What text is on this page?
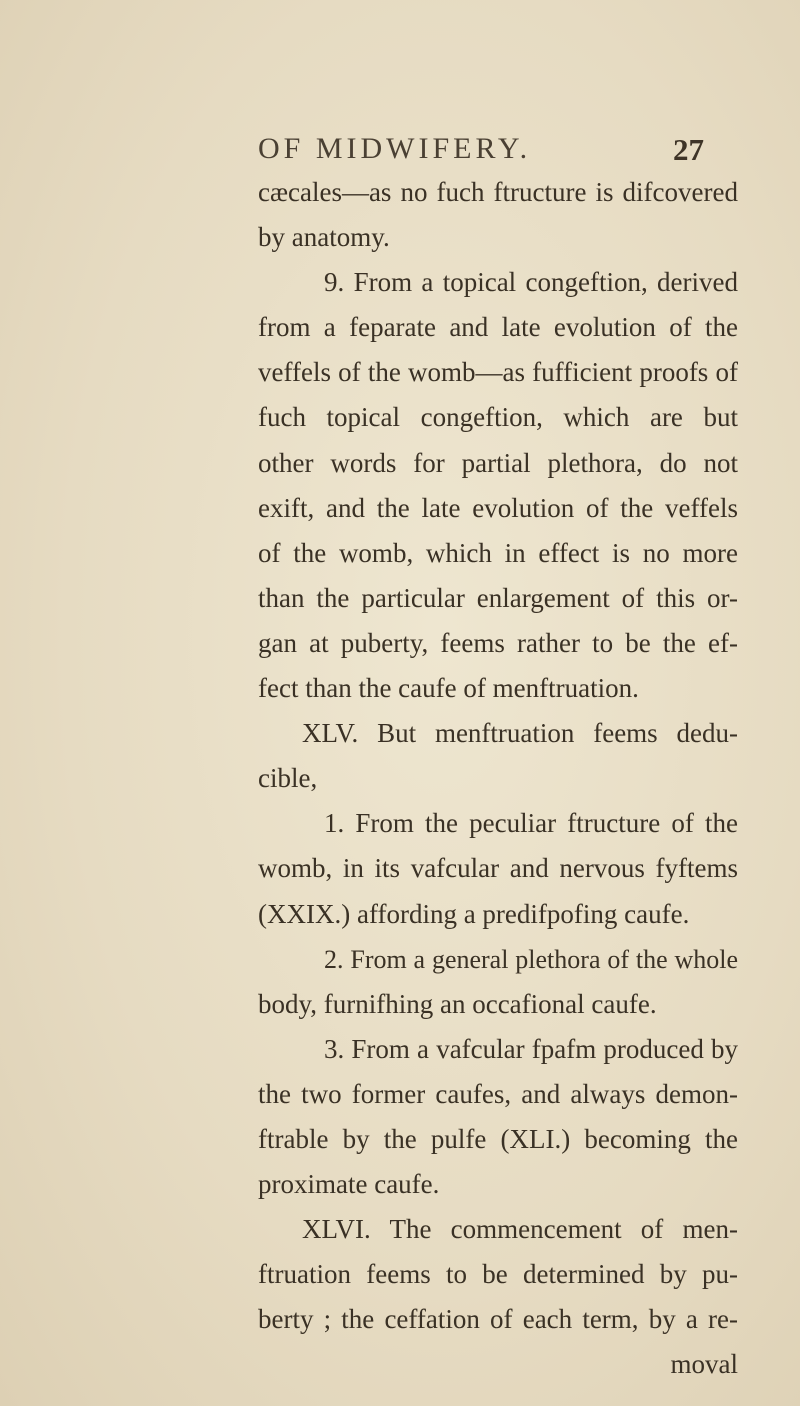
OF MIDWIFERY.	27
cæcales—as no fuch ftructure is difcovered
by anatomy.
9. From a topical congeftion, derived
from a feparate and late evolution of the
veffels of the womb—as fufficient proofs of
fuch topical congeftion, which are but
other words for partial plethora, do not
exift, and the late evolution of the veffels
of the womb, which in effect is no more
than the particular enlargement of this or-
gan at puberty, feems rather to be the ef-
fect than the caufe of menftruation.
XLV. But menftruation feems dedu-
cible,
1. From the peculiar ftructure of the
womb, in its vafcular and nervous fyftems
(XXIX.) affording a predifpofing caufe.
2. From a general plethora of the whole
body, furnifhing an occafional caufe.
3. From a vafcular fpafm produced by
the two former caufes, and always demon-
ftrable by the pulfe (XLI.) becoming the
proximate caufe.
XLVI. The commencement of men-
ftruation feems to be determined by pu-
berty ; the ceffation of each term, by a re-
moval
